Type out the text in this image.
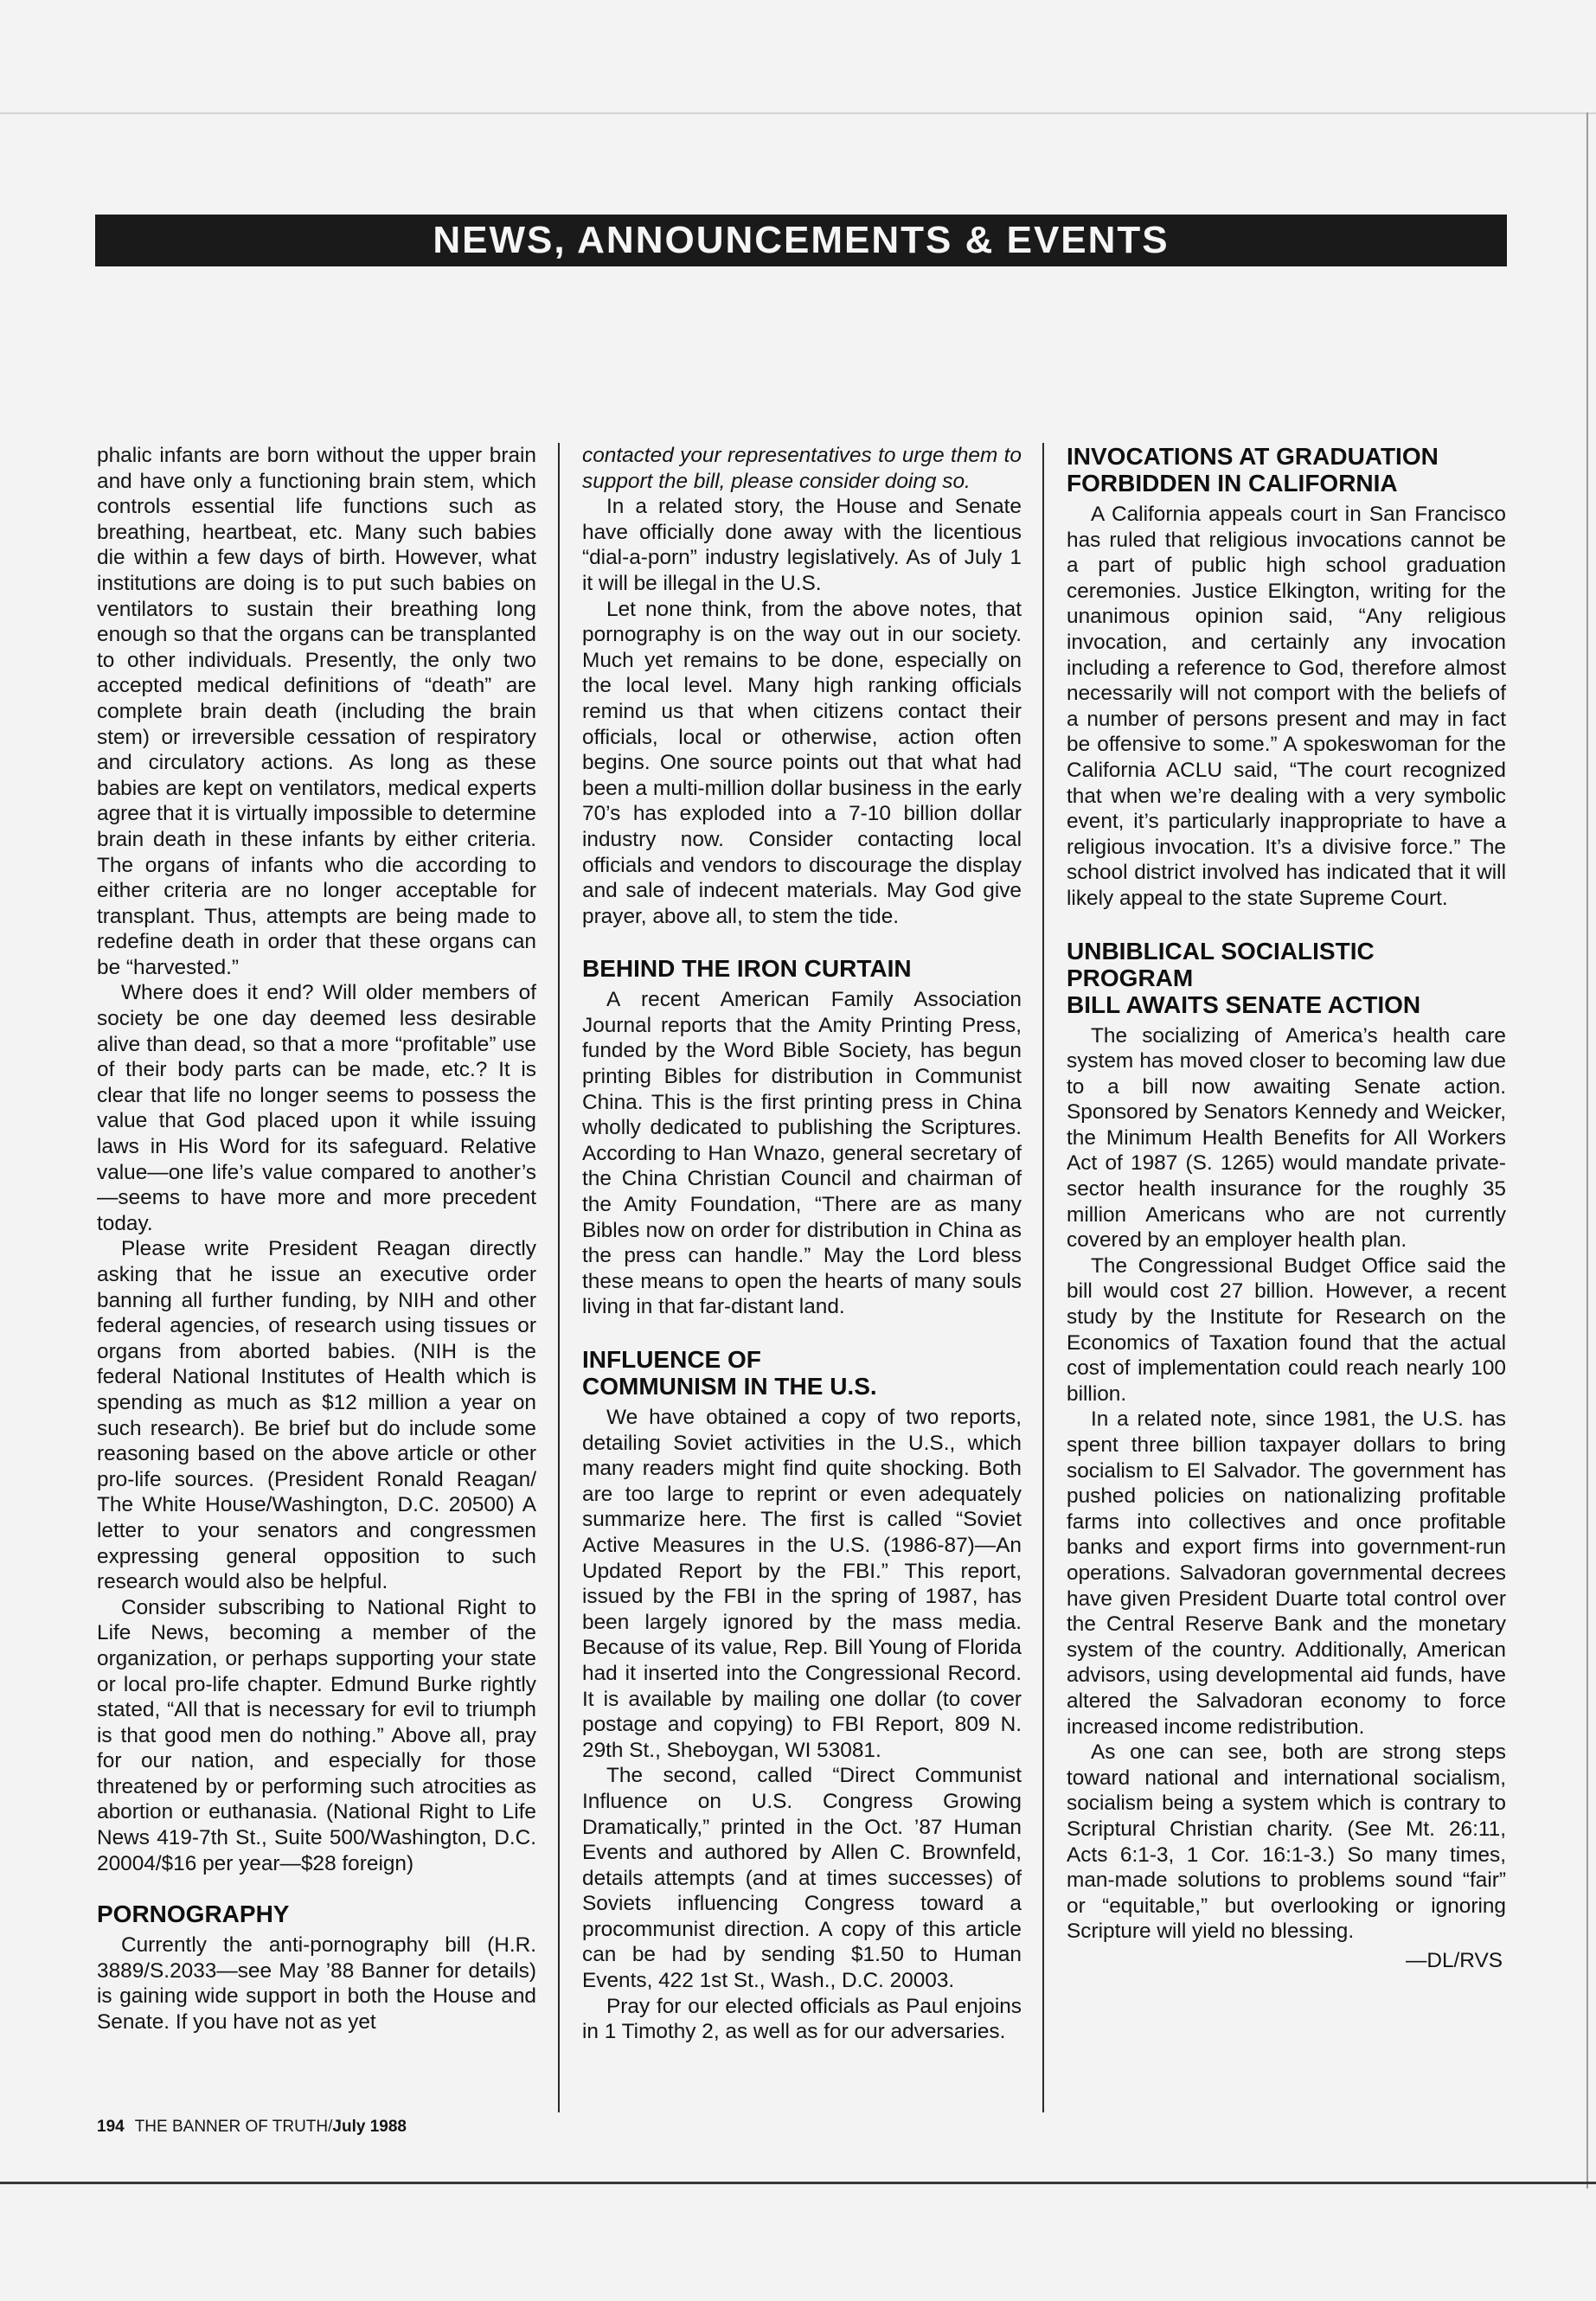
NEWS, ANNOUNCEMENTS & EVENTS

phalic infants are born without the upper brain and have only a functioning brain stem, which controls essential life functions such as breathing, heartbeat, etc. Many such babies die within a few days of birth. However, what institutions are doing is to put such babies on ventilators to sustain their breathing long enough so that the organs can be transplanted to other individuals. Presently, the only two accepted medical definitions of “death” are complete brain death (including the brain stem) or irreversible cessation of respiratory and circulatory actions. As long as these babies are kept on ventilators, medical experts agree that it is virtually impossible to determine brain death in these infants by either criteria. The organs of infants who die according to either criteria are no longer acceptable for transplant. Thus, attempts are being made to redefine death in order that these organs can be “harvested.”

Where does it end? Will older members of society be one day deemed less desirable alive than dead, so that a more “profitable” use of their body parts can be made, etc.? It is clear that life no longer seems to possess the value that God placed upon it while issuing laws in His Word for its safeguard. Relative value—one life’s value compared to another’s—seems to have more and more precedent today.

Please write President Reagan directly asking that he issue an executive order banning all further funding, by NIH and other federal agencies, of research using tissues or organs from aborted babies. (NIH is the federal National Institutes of Health which is spending as much as $12 million a year on such research). Be brief but do include some reasoning based on the above article or other pro-life sources. (President Ronald Reagan/ The White House/Washington, D.C. 20500) A letter to your senators and congressmen expressing general opposition to such research would also be helpful.

Consider subscribing to National Right to Life News, becoming a member of the organization, or perhaps supporting your state or local pro-life chapter. Edmund Burke rightly stated, “All that is necessary for evil to triumph is that good men do nothing.” Above all, pray for our nation, and especially for those threatened by or performing such atrocities as abortion or euthanasia. (National Right to Life News 419-7th St., Suite 500/Washington, D.C. 20004/$16 per year—$28 foreign)

PORNOGRAPHY

Currently the anti-pornography bill (H.R. 3889/S.2033—see May ’88 Banner for details) is gaining wide support in both the House and Senate. If you have not as yet

contacted your representatives to urge them to support the bill, please consider doing so.

In a related story, the House and Senate have officially done away with the licentious “dial-a-porn” industry legislatively. As of July 1 it will be illegal in the U.S.

Let none think, from the above notes, that pornography is on the way out in our society. Much yet remains to be done, especially on the local level. Many high ranking officials remind us that when citizens contact their officials, local or otherwise, action often begins. One source points out that what had been a multi-million dollar business in the early 70’s has exploded into a 7-10 billion dollar industry now. Consider contacting local officials and vendors to discourage the display and sale of indecent materials. May God give prayer, above all, to stem the tide.

BEHIND THE IRON CURTAIN

A recent American Family Association Journal reports that the Amity Printing Press, funded by the Word Bible Society, has begun printing Bibles for distribution in Communist China. This is the first printing press in China wholly dedicated to publishing the Scriptures. According to Han Wnazo, general secretary of the China Christian Council and chairman of the Amity Foundation, “There are as many Bibles now on order for distribution in China as the press can handle.” May the Lord bless these means to open the hearts of many souls living in that far-distant land.

INFLUENCE OF
COMMUNISM IN THE U.S.

We have obtained a copy of two reports, detailing Soviet activities in the U.S., which many readers might find quite shocking. Both are too large to reprint or even adequately summarize here. The first is called “Soviet Active Measures in the U.S. (1986-87)—An Updated Report by the FBI.” This report, issued by the FBI in the spring of 1987, has been largely ignored by the mass media. Because of its value, Rep. Bill Young of Florida had it inserted into the Congressional Record. It is available by mailing one dollar (to cover postage and copying) to FBI Report, 809 N. 29th St., Sheboygan, WI 53081.

The second, called “Direct Communist Influence on U.S. Congress Growing Dramatically,” printed in the Oct. ’87 Human Events and authored by Allen C. Brownfeld, details attempts (and at times successes) of Soviets influencing Congress toward a procommunist direction. A copy of this article can be had by sending $1.50 to Human Events, 422 1st St., Wash., D.C. 20003.

Pray for our elected officials as Paul enjoins in 1 Timothy 2, as well as for our adversaries.

INVOCATIONS AT GRADUATION
FORBIDDEN IN CALIFORNIA

A California appeals court in San Francisco has ruled that religious invocations cannot be a part of public high school graduation ceremonies. Justice Elkington, writing for the unanimous opinion said, “Any religious invocation, and certainly any invocation including a reference to God, therefore almost necessarily will not comport with the beliefs of a number of persons present and may in fact be offensive to some.” A spokeswoman for the California ACLU said, “The court recognized that when we’re dealing with a very symbolic event, it’s particularly inappropriate to have a religious invocation. It’s a divisive force.” The school district involved has indicated that it will likely appeal to the state Supreme Court.

UNBIBLICAL SOCIALISTIC PROGRAM
BILL AWAITS SENATE ACTION

The socializing of America’s health care system has moved closer to becoming law due to a bill now awaiting Senate action. Sponsored by Senators Kennedy and Weicker, the Minimum Health Benefits for All Workers Act of 1987 (S. 1265) would mandate private-sector health insurance for the roughly 35 million Americans who are not currently covered by an employer health plan.

The Congressional Budget Office said the bill would cost 27 billion. However, a recent study by the Institute for Research on the Economics of Taxation found that the actual cost of implementation could reach nearly 100 billion.

In a related note, since 1981, the U.S. has spent three billion taxpayer dollars to bring socialism to El Salvador. The government has pushed policies on nationalizing profitable farms into collectives and once profitable banks and export firms into government-run operations. Salvadoran governmental decrees have given President Duarte total control over the Central Reserve Bank and the monetary system of the country. Additionally, American advisors, using developmental aid funds, have altered the Salvadoran economy to force increased income redistribution.

As one can see, both are strong steps toward national and international socialism, socialism being a system which is contrary to Scriptural Christian charity. (See Mt. 26:11, Acts 6:1-3, 1 Cor. 16:1-3.) So many times, man-made solutions to problems sound “fair” or “equitable,” but overlooking or ignoring Scripture will yield no blessing.

—DL/RVS
194 THE BANNER OF TRUTH/July 1988
